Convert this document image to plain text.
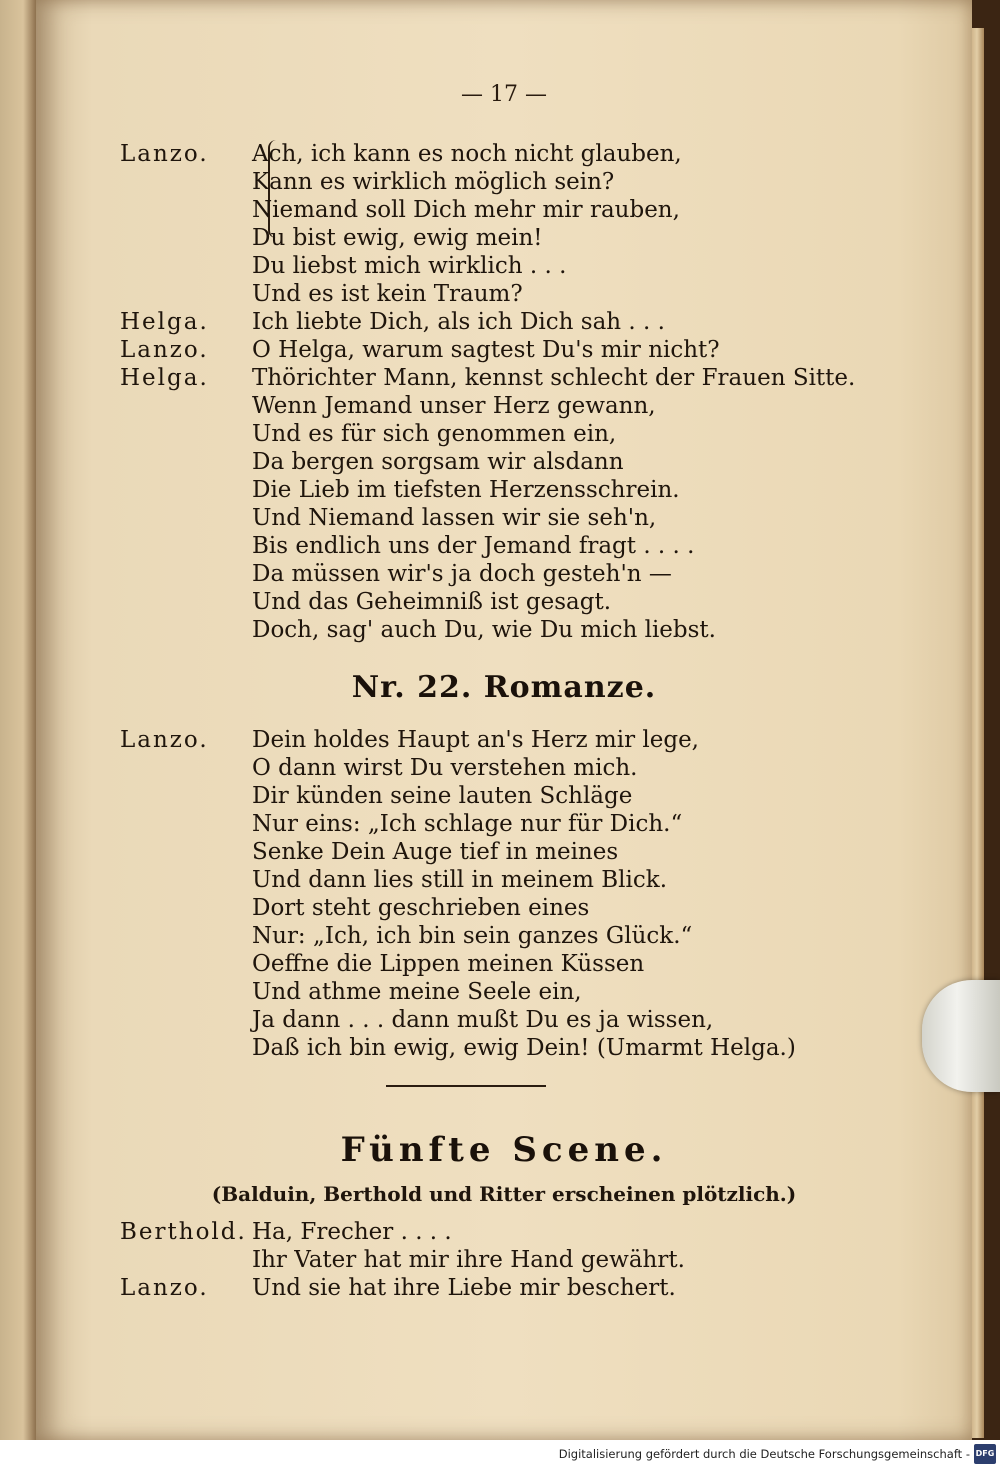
— 17 —
Lanzo. Ach, ich kann es noch nicht glauben,
Kann es wirklich möglich sein?
Niemand soll Dich mehr mir rauben,
Du bist ewig, ewig mein!
Du liebst mich wirklich . . .
Und es ist kein Traum?
Helga. Ich liebte Dich, als ich Dich sah . . .
Lanzo. O Helga, warum sagtest Du's mir nicht?
Helga. Thörichter Mann, kennst schlecht der Frauen Sitte.
Wenn Jemand unser Herz gewann,
Und es für sich genommen ein,
Da bergen sorgsam wir alsdann
Die Lieb im tiefsten Herzensschrein.
Und Niemand lassen wir sie seh'n,
Bis endlich uns der Jemand fragt . . . .
Da müssen wir's ja doch gesteh'n —
Und das Geheimniß ist gesagt.
Doch, sag' auch Du, wie Du mich liebst.
Nr. 22. Romanze.
Lanzo. Dein holdes Haupt an's Herz mir lege,
O dann wirst Du verstehen mich.
Dir künden seine lauten Schläge
Nur eins: „Ich schlage nur für Dich.“
Senke Dein Auge tief in meines
Und dann lies still in meinem Blick.
Dort steht geschrieben eines
Nur: „Ich, ich bin sein ganzes Glück.“
Oeffne die Lippen meinen Küssen
Und athme meine Seele ein,
Ja dann . . . dann mußt Du es ja wissen,
Daß ich bin ewig, ewig Dein! (Umarmt Helga.)
Fünfte Scene.
(Balduin, Berthold und Ritter erscheinen plötzlich.)
Berthold. Ha, Frecher . . . .
Ihr Vater hat mir ihre Hand gewährt.
Lanzo. Und sie hat ihre Liebe mir beschert.
Digitalisierung gefördert durch die Deutsche Forschungsgemeinschaft - DFG
